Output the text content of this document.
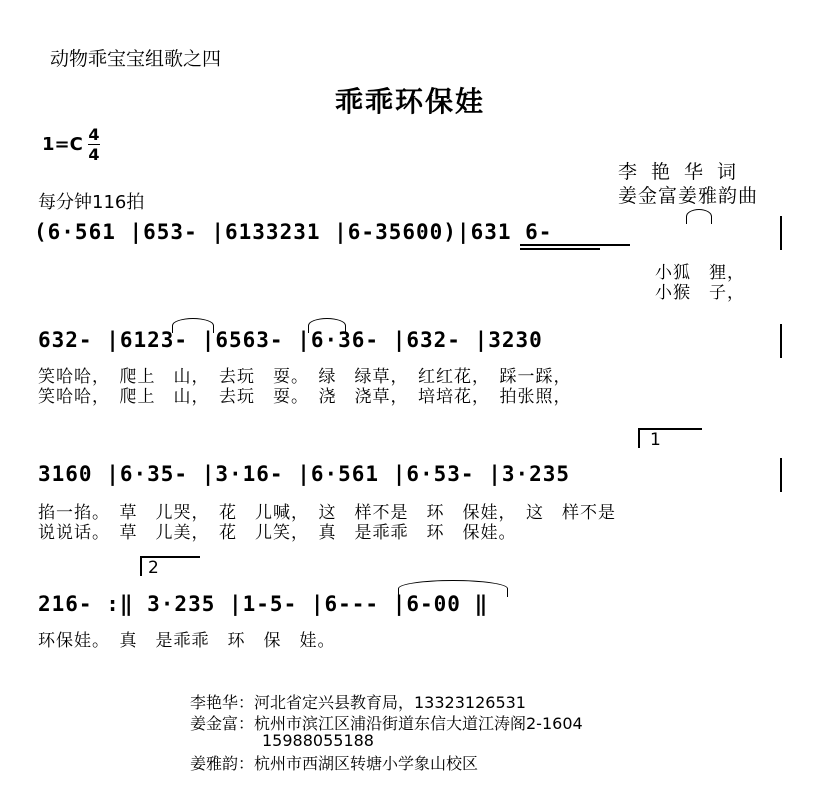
动物乖宝宝组歌之四
乖乖环保娃
1=C 4
4
每分钟116拍
李艳华词
姜金富姜雅韵曲
(6·561 |653- |6133231 |6-35600)|631 6-
小狐　狸，
小猴　子，
632- |6123- |6563- |6·36- |632- |3230
笑哈哈，　爬上　山，　去玩　耍。　绿　绿草，　红红花，　踩一踩，
笑哈哈，　爬上　山，　去玩　耍。　浇　浇草，　培培花，　拍张照，
1
3160 |6·35- |3·16- |6·561 |6·53- |3·235
掐一掐。　草　儿哭，　花　儿喊，　这　样不是　环　保娃，　这　样不是
说说话。　草　儿美，　花　儿笑，　真　是乖乖　环　保娃。
2
216- :‖ 3·235 |1-5- |6--- |6-00 ‖
环保娃。　真　是乖乖　环　保　娃。
李艳华：河北省定兴县教育局，13323126531
姜金富：杭州市滨江区浦沿街道东信大道江涛阁2-1604
15988055188
姜雅韵：杭州市西湖区转塘小学象山校区
